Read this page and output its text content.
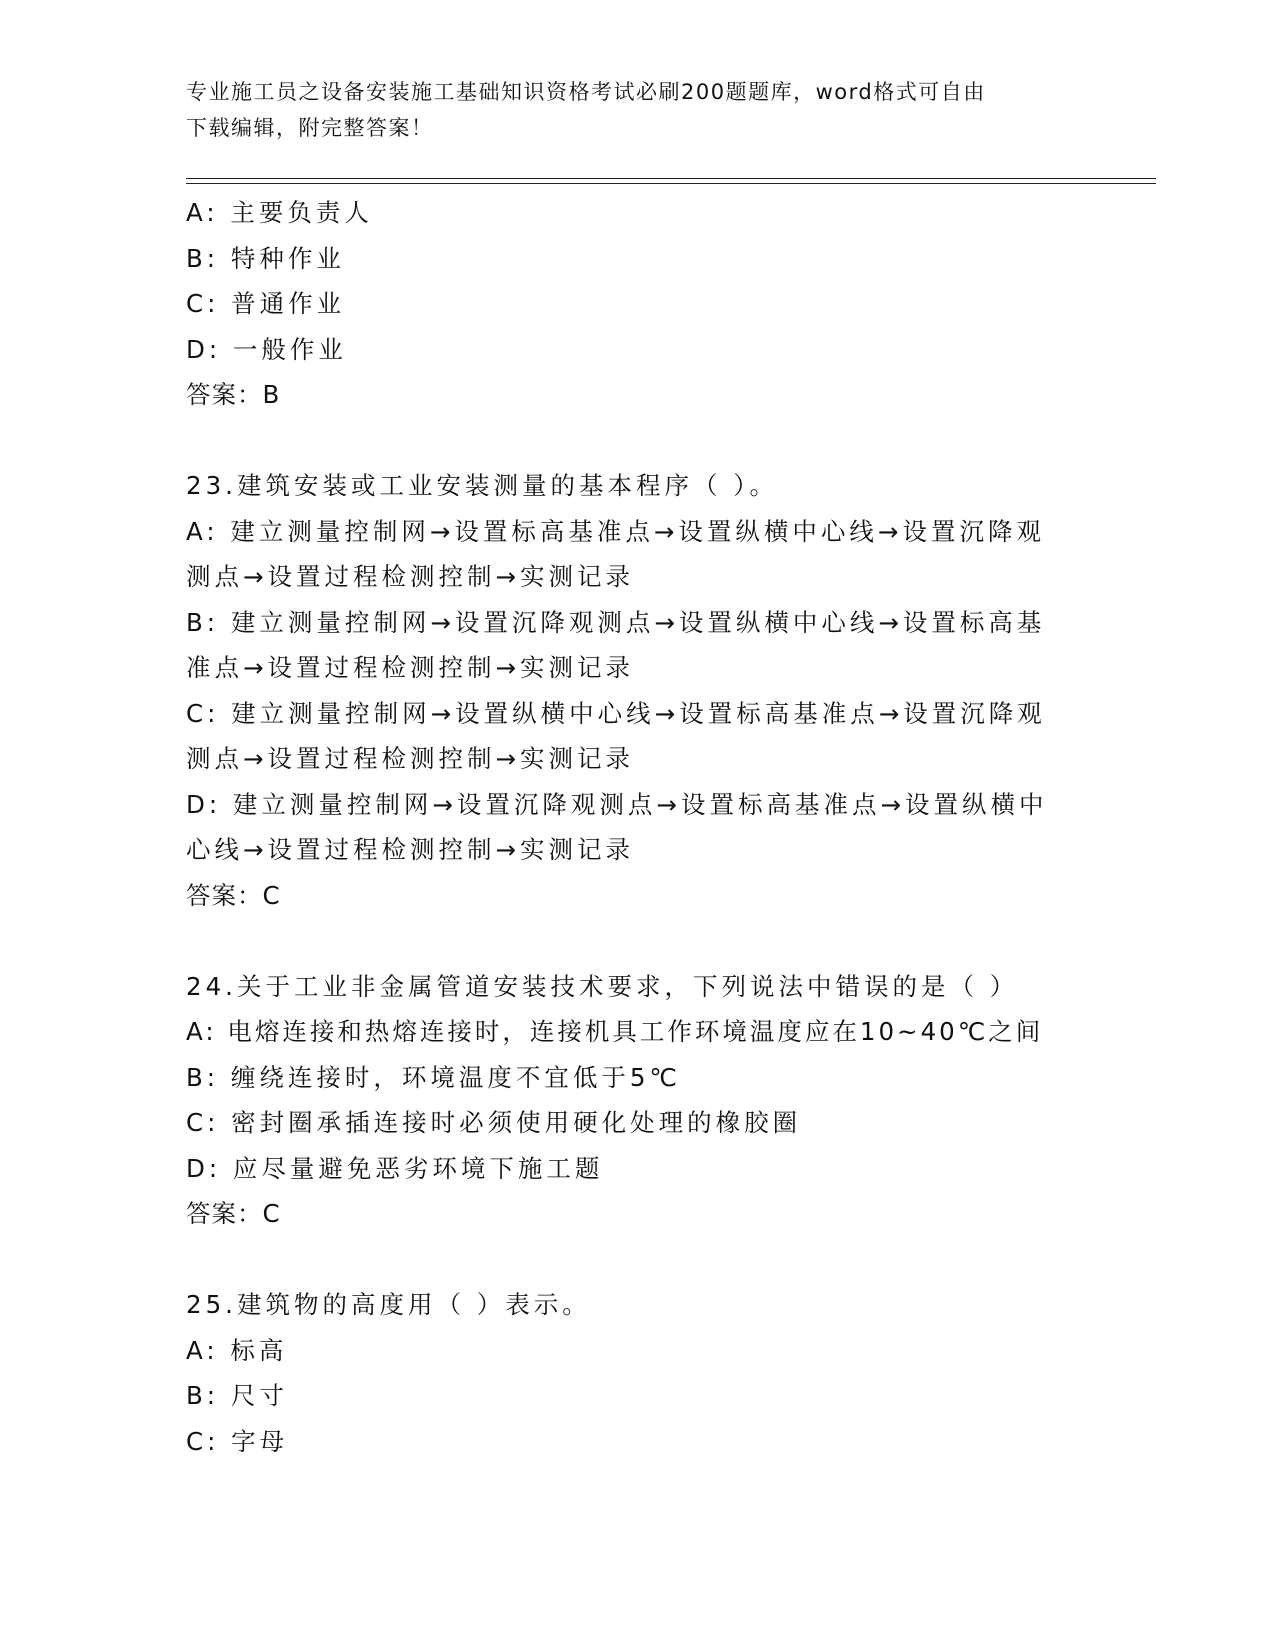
专业施工员之设备安装施工基础知识资格考试必刷200题题库，word格式可自由
下载编辑，附完整答案！

A: 主要负责人

B: 特种作业

C: 普通作业

D: 一般作业

答案：B

23.建筑安装或工业安装测量的基本程序（ ）。

A: 建立测量控制网→设置标高基准点→设置纵横中心线→设置沉降观

测点→设置过程检测控制→实测记录

B: 建立测量控制网→设置沉降观测点→设置纵横中心线→设置标高基

准点→设置过程检测控制→实测记录

C: 建立测量控制网→设置纵横中心线→设置标高基准点→设置沉降观

测点→设置过程检测控制→实测记录

D: 建立测量控制网→设置沉降观测点→设置标高基准点→设置纵横中

心线→设置过程检测控制→实测记录

答案：C

24.关于工业非金属管道安装技术要求，下列说法中错误的是（ ）

A: 电熔连接和热熔连接时，连接机具工作环境温度应在10~40℃之间

B: 缠绕连接时，环境温度不宜低于5℃

C: 密封圈承插连接时必须使用硬化处理的橡胶圈

D: 应尽量避免恶劣环境下施工题

答案：C

25.建筑物的高度用（ ）表示。

A: 标高

B: 尺寸

C: 字母
